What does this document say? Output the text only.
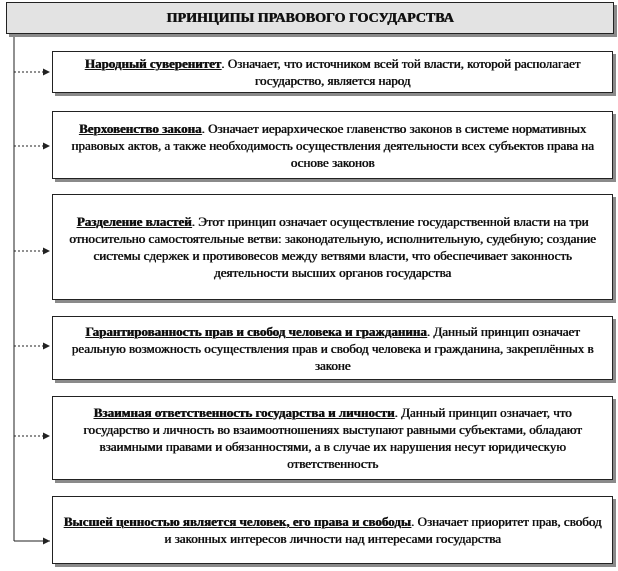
ПРИНЦИПЫ ПРАВОВОГО ГОСУДАРСТВА
Народный суверенитет. Означает, что источником всей той власти, которой располагает государство, является народ
Верховенство закона. Означает иерархическое главенство законов в системе нормативных правовых актов, а также необходимость осуществления деятельности всех субъектов права на основе законов
Разделение властей. Этот принцип означает осуществление государственной власти на три относительно самостоятельные ветви: законодательную, исполнительную, судебную; создание системы сдержек и противовесов между ветвями власти, что обеспечивает законность деятельности высших органов государства
Гарантированность прав и свобод человека и гражданина. Данный принцип означает реальную возможность осуществления прав и свобод человека и гражданина, закреплённых в законе
Взаимная ответственность государства и личности. Данный принцип означает, что государство и личность во взаимоотношениях выступают равными субъектами, обладают взаимными правами и обязанностями, а в случае их нарушения несут юридическую ответственность
Высшей ценностью является человек, его права и свободы. Означает приоритет прав, свобод и законных интересов личности над интересами государства
